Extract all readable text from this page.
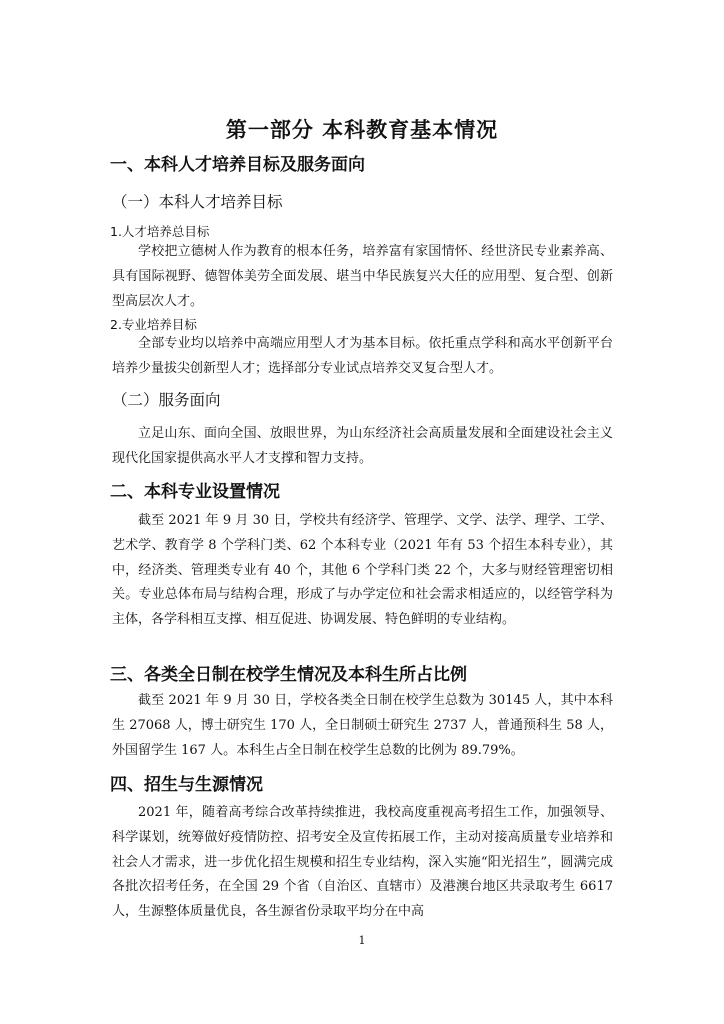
第一部分 本科教育基本情况
一、本科人才培养目标及服务面向
（一）本科人才培养目标
1.人才培养总目标

学校把立德树人作为教育的根本任务，培养富有家国情怀、经世济民专业素养高、具有国际视野、德智体美劳全面发展、堪当中华民族复兴大任的应用型、复合型、创新型高层次人才。

2.专业培养目标

全部专业均以培养中高端应用型人才为基本目标。依托重点学科和高水平创新平台培养少量拔尖创新型人才；选择部分专业试点培养交叉复合型人才。

（二）服务面向

立足山东、面向全国、放眼世界，为山东经济社会高质量发展和全面建设社会主义现代化国家提供高水平人才支撑和智力支持。

二、本科专业设置情况

截至 2021 年 9 月 30 日，学校共有经济学、管理学、文学、法学、理学、工学、艺术学、教育学 8 个学科门类、62 个本科专业（2021 年有 53 个招生本科专业），其中，经济类、管理类专业有 40 个，其他 6 个学科门类 22 个，大多与财经管理密切相关。专业总体布局与结构合理，形成了与办学定位和社会需求相适应的，以经管学科为主体，各学科相互支撑、相互促进、协调发展、特色鲜明的专业结构。

三、各类全日制在校学生情况及本科生所占比例

截至 2021 年 9 月 30 日，学校各类全日制在校学生总数为 30145 人，其中本科生 27068 人，博士研究生 170 人，全日制硕士研究生 2737 人，普通预科生 58 人，外国留学生 167 人。本科生占全日制在校学生总数的比例为 89.79%。

四、招生与生源情况

2021 年，随着高考综合改革持续推进，我校高度重视高考招生工作，加强领导、科学谋划，统筹做好疫情防控、招考安全及宣传拓展工作，主动对接高质量专业培养和社会人才需求，进一步优化招生规模和招生专业结构，深入实施“阳光招生”，圆满完成各批次招考任务，在全国 29 个省（自治区、直辖市）及港澳台地区共录取考生 6617 人，生源整体质量优良，各生源省份录取平均分在中高

1
